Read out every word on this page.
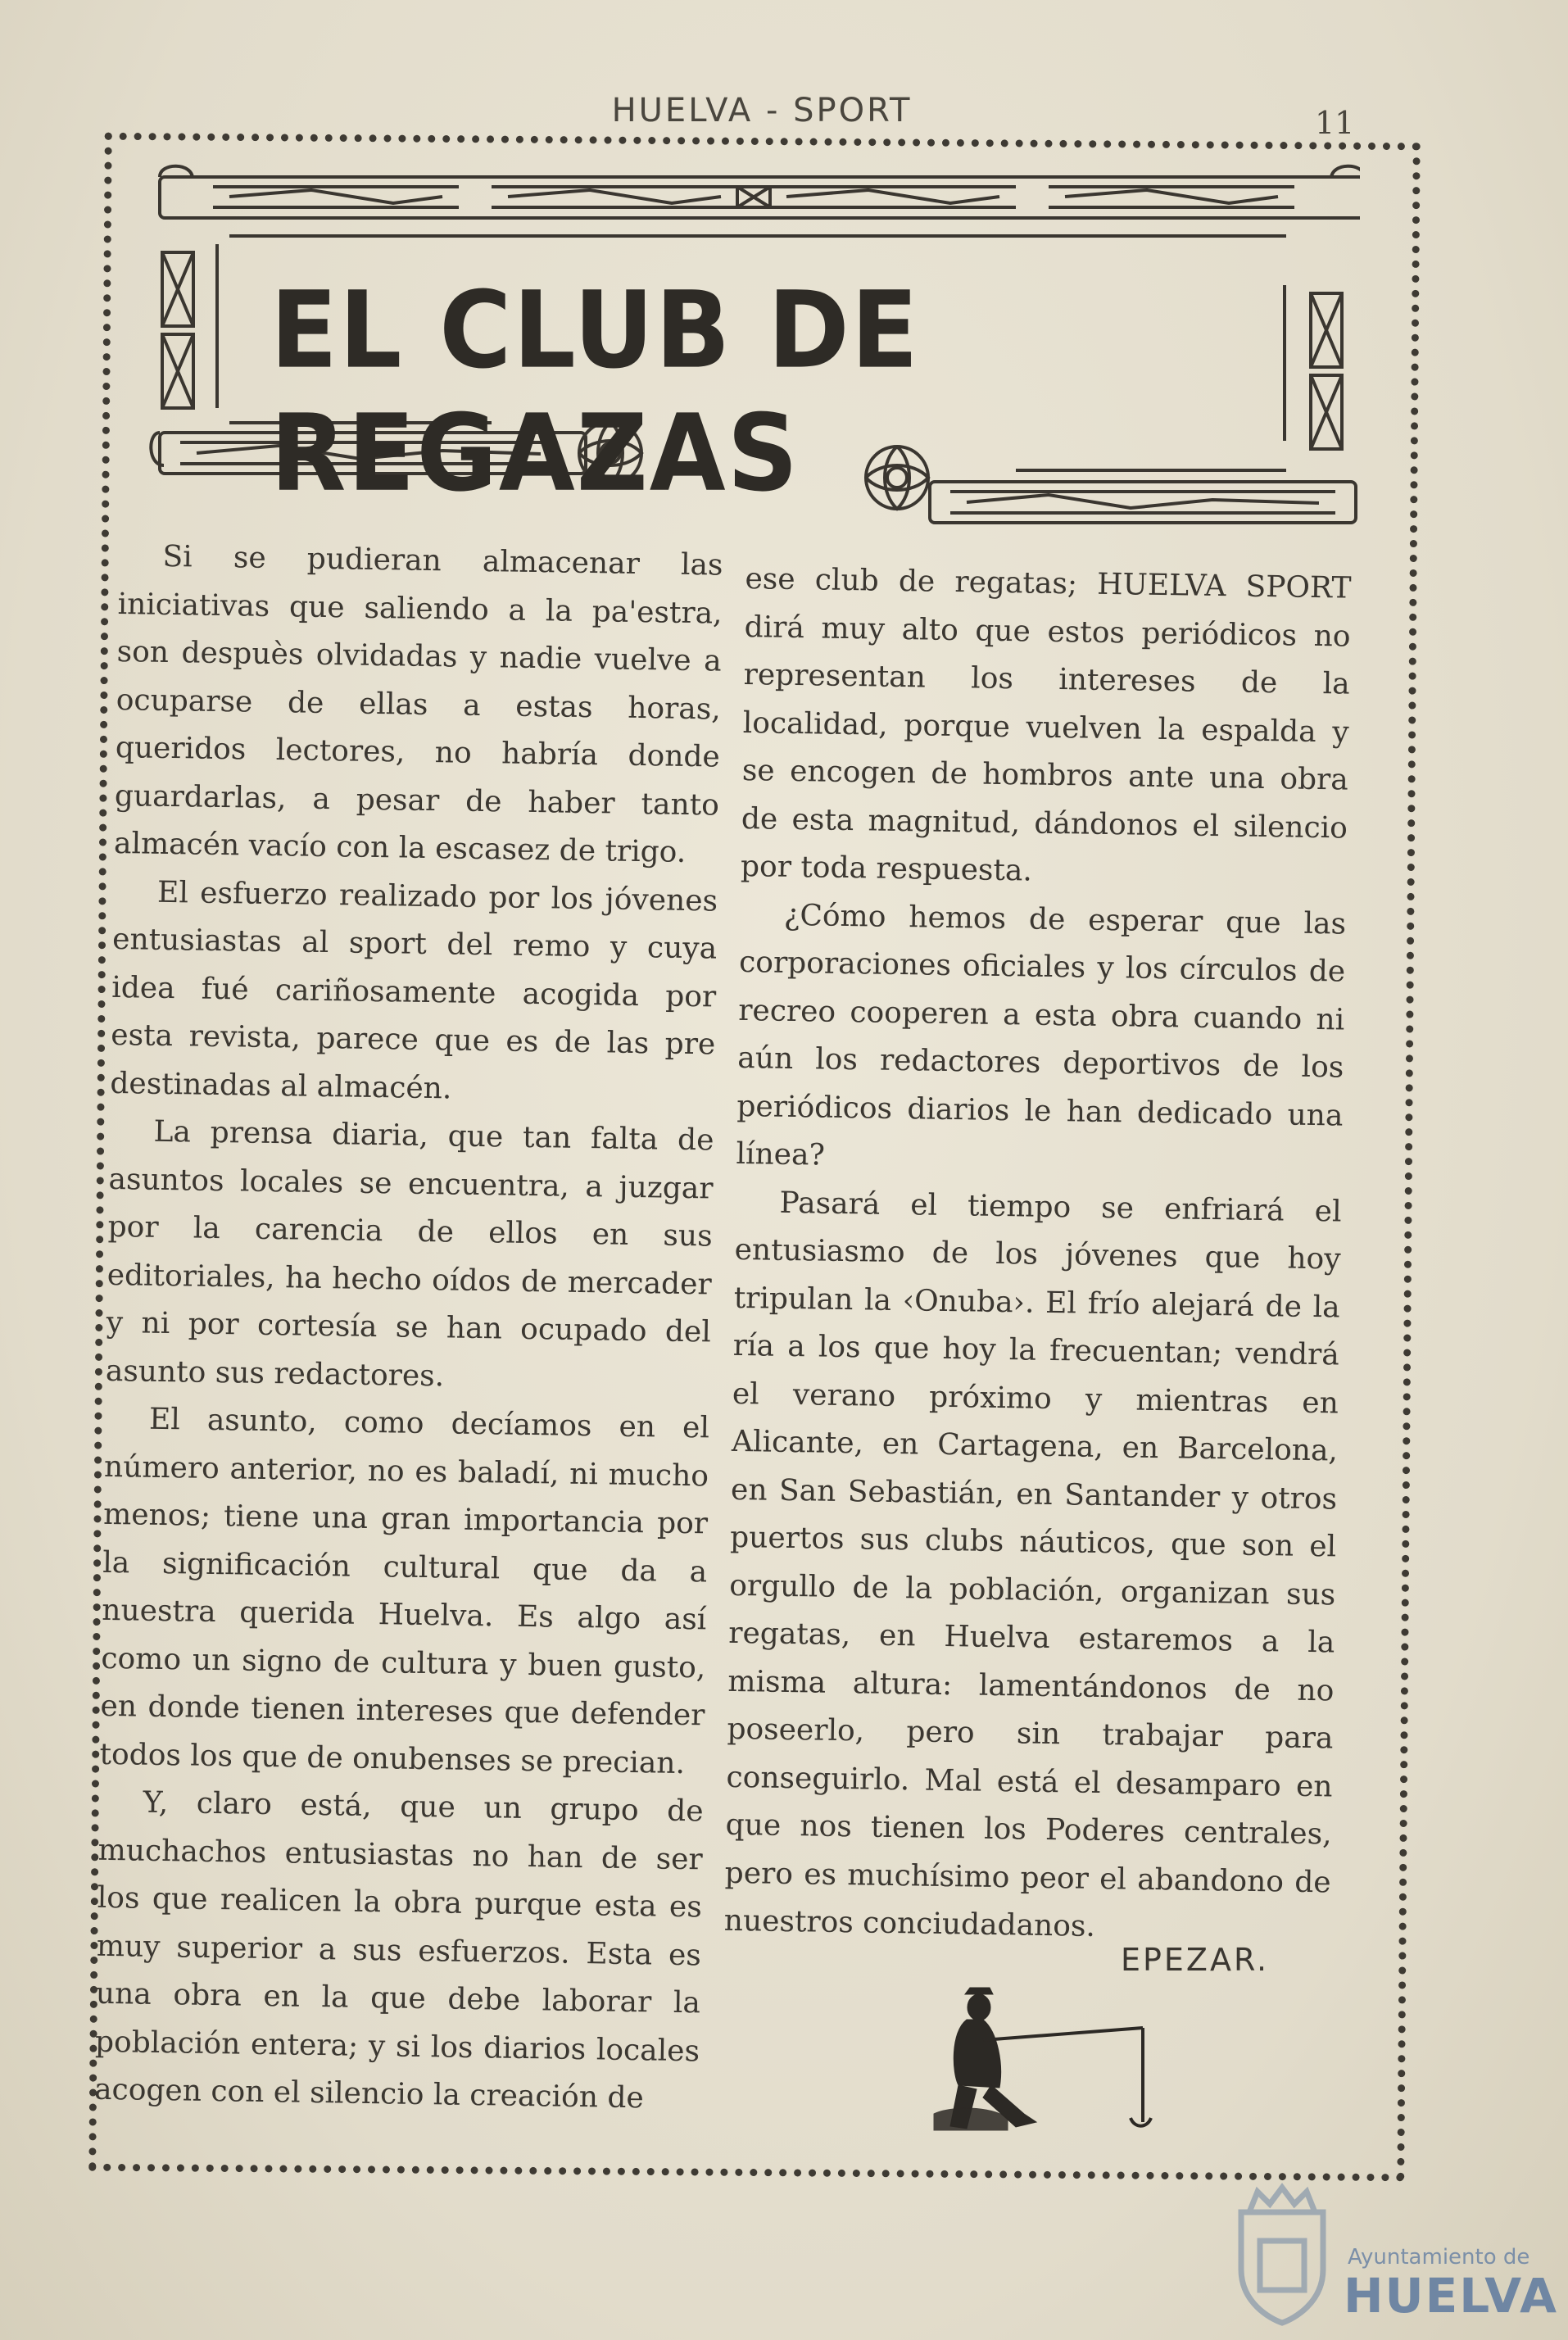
HUELVA - SPORT	11
EL CLUB DE REGAZAS

Si se pudieran almacenar las iniciativas que saliendo a la pa'estra, son despuès olvidadas y nadie vuelve a ocuparse de ellas a estas horas, queridos lectores, no habría donde guardarlas, a pesar de haber tanto almacén vacío con la escasez de trigo.

El esfuerzo realizado por los jóvenes entusiastas al sport del remo y cuya idea fué cariñosamente acogida por esta revista, parece que es de las pre destinadas al almacén.

La prensa diaria, que tan falta de asuntos locales se encuentra, a juzgar por la carencia de ellos en sus editoriales, ha hecho oídos de mercader y ni por cortesía se han ocupado del asunto sus redactores.

El asunto, como decíamos en el número anterior, no es baladí, ni mucho menos; tiene una gran importancia por la significación cultural que da a nuestra querida Huelva. Es algo así como un signo de cultura y buen gusto, en donde tienen intereses que defender todos los que de onubenses se precian.

Y, claro está, que un grupo de muchachos entusiastas no han de ser los que realicen la obra purque esta es muy superior a sus esfuerzos. Esta es una obra en la que debe laborar la población entera; y si los diarios locales acogen con el silencio la creación de

ese club de regatas; HUELVA SPORT dirá muy alto que estos periódicos no representan los intereses de la localidad, porque vuelven la espalda y se encogen de hombros ante una obra de esta magnitud, dándonos el silencio por toda respuesta.

¿Cómo hemos de esperar que las corporaciones oficiales y los círculos de recreo cooperen a esta obra cuando ni aún los redactores deportivos de los periódicos diarios le han dedicado una línea?

Pasará el tiempo se enfriará el entusiasmo de los jóvenes que hoy tripulan la ‹Onuba›. El frío alejará de la ría a los que hoy la frecuentan; vendrá el verano próximo y mientras en Alicante, en Cartagena, en Barcelona, en San Sebastián, en Santander y otros puertos sus clubs náuticos, que son el orgullo de la población, organizan sus regatas, en Huelva estaremos a la misma altura: lamentándonos de no poseerlo, pero sin trabajar para conseguirlo. Mal está el desamparo en que nos tienen los Poderes centrales, pero es muchísimo peor el abandono de nuestros conciudadanos.

EPEZAR.
Ayuntamiento de
HUELVA
